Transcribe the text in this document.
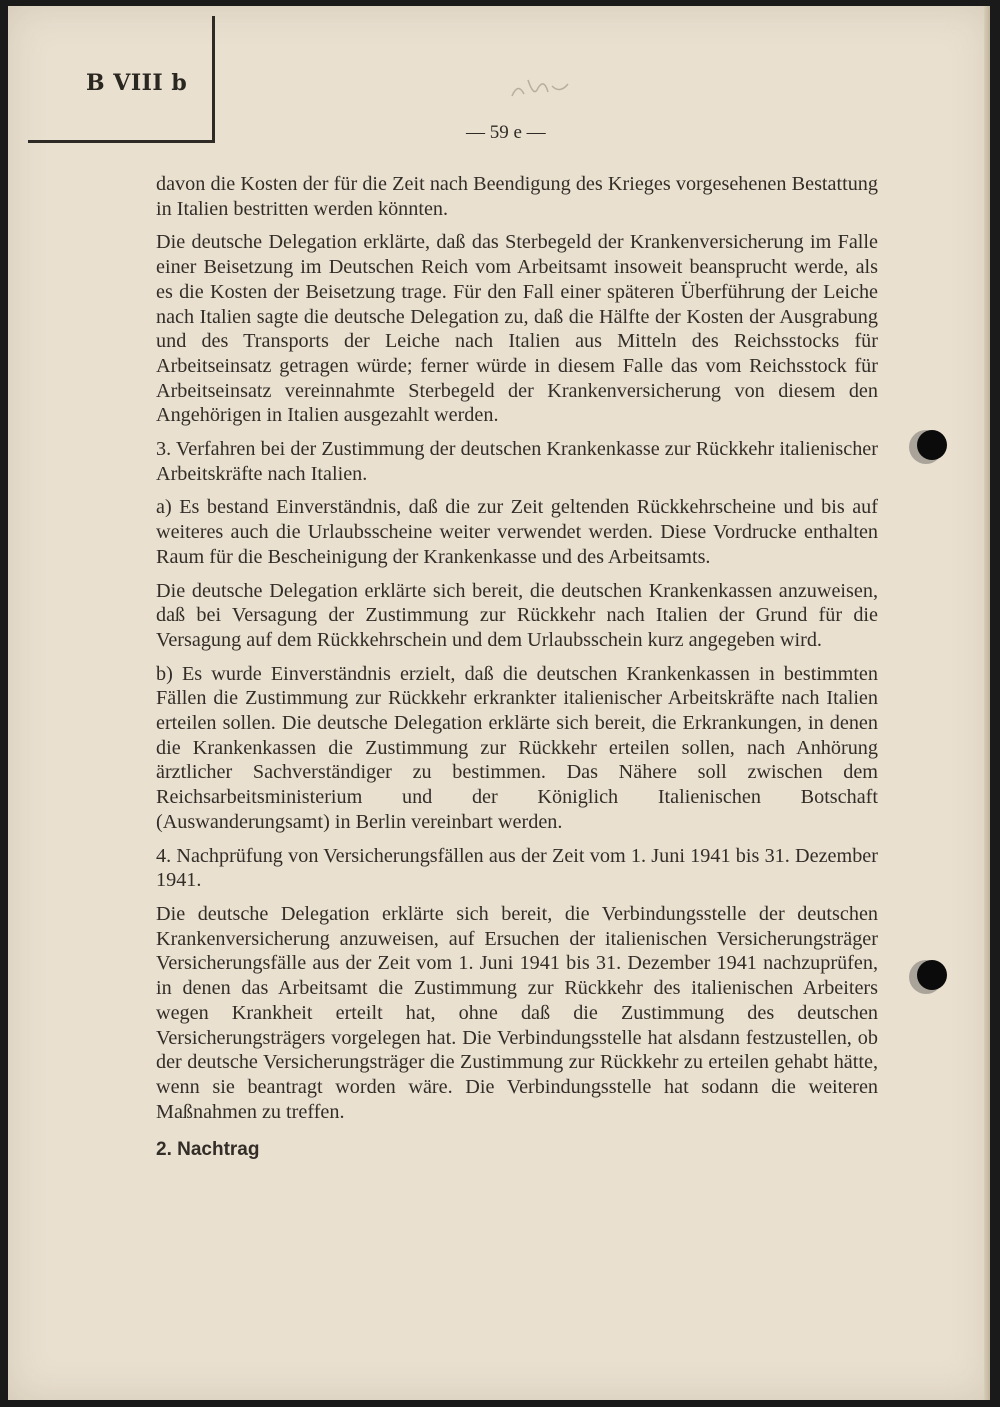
B VIII b
— 59 e —

davon die Kosten der für die Zeit nach Beendigung des Krieges vorgesehenen Bestattung in Italien bestritten werden könnten.

Die deutsche Delegation erklärte, daß das Sterbegeld der Krankenversicherung im Falle einer Beisetzung im Deutschen Reich vom Arbeitsamt insoweit beansprucht werde, als es die Kosten der Beisetzung trage. Für den Fall einer späteren Überführung der Leiche nach Italien sagte die deutsche Delegation zu, daß die Hälfte der Kosten der Ausgrabung und des Transports der Leiche nach Italien aus Mitteln des Reichsstocks für Arbeitseinsatz getragen würde; ferner würde in diesem Falle das vom Reichsstock für Arbeitseinsatz vereinnahmte Sterbegeld der Krankenversicherung von diesem den Angehörigen in Italien ausgezahlt werden.

3. Verfahren bei der Zustimmung der deutschen Krankenkasse zur Rückkehr italienischer Arbeitskräfte nach Italien.

a) Es bestand Einverständnis, daß die zur Zeit geltenden Rückkehrscheine und bis auf weiteres auch die Urlaubsscheine weiter verwendet werden. Diese Vordrucke enthalten Raum für die Bescheinigung der Krankenkasse und des Arbeitsamts.

Die deutsche Delegation erklärte sich bereit, die deutschen Krankenkassen anzuweisen, daß bei Versagung der Zustimmung zur Rückkehr nach Italien der Grund für die Versagung auf dem Rückkehrschein und dem Urlaubsschein kurz angegeben wird.

b) Es wurde Einverständnis erzielt, daß die deutschen Krankenkassen in bestimmten Fällen die Zustimmung zur Rückkehr erkrankter italienischer Arbeitskräfte nach Italien erteilen sollen. Die deutsche Delegation erklärte sich bereit, die Erkrankungen, in denen die Krankenkassen die Zustimmung zur Rückkehr erteilen sollen, nach Anhörung ärztlicher Sachverständiger zu bestimmen. Das Nähere soll zwischen dem Reichsarbeitsministerium und der Königlich Italienischen Botschaft (Auswanderungsamt) in Berlin vereinbart werden.

4. Nachprüfung von Versicherungsfällen aus der Zeit vom 1. Juni 1941 bis 31. Dezember 1941.

Die deutsche Delegation erklärte sich bereit, die Verbindungsstelle der deutschen Krankenversicherung anzuweisen, auf Ersuchen der italienischen Versicherungsträger Versicherungsfälle aus der Zeit vom 1. Juni 1941 bis 31. Dezember 1941 nachzuprüfen, in denen das Arbeitsamt die Zustimmung zur Rückkehr des italienischen Arbeiters wegen Krankheit erteilt hat, ohne daß die Zustimmung des deutschen Versicherungsträgers vorgelegen hat. Die Verbindungsstelle hat alsdann festzustellen, ob der deutsche Versicherungsträger die Zustimmung zur Rückkehr zu erteilen gehabt hätte, wenn sie beantragt worden wäre. Die Verbindungsstelle hat sodann die weiteren Maßnahmen zu treffen.

2. Nachtrag
